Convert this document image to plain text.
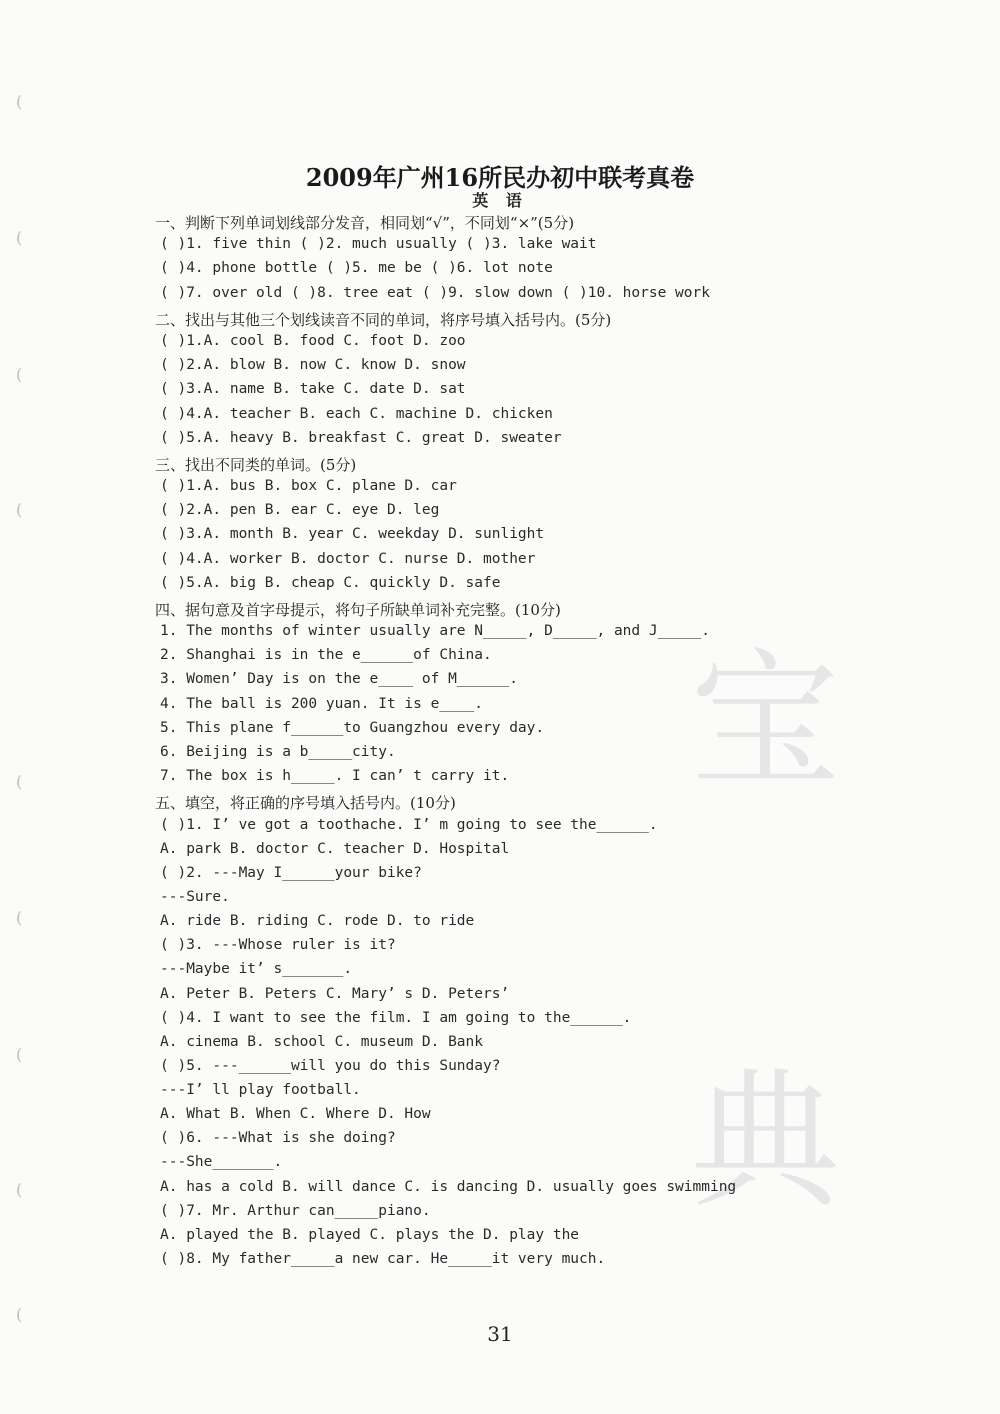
宝
典
(
(
(
(
(
(
(
(
(
2009年广州16所民办初中联考真卷
英 语
一、判断下列单词划线部分发音，相同划“√”，不同划“×”(5分)
( )1. five thin ( )2. much usually ( )3. lake wait
( )4. phone bottle ( )5. me be ( )6. lot note
( )7. over old ( )8. tree eat ( )9. slow down ( )10. horse work
二、找出与其他三个划线读音不同的单词，将序号填入括号内。(5分)
( )1.A. cool B. food C. foot D. zoo
( )2.A. blow B. now C. know D. snow
( )3.A. name B. take C. date D. sat
( )4.A. teacher B. each C. machine D. chicken
( )5.A. heavy B. breakfast C. great D. sweater
三、找出不同类的单词。(5分)
( )1.A. bus B. box C. plane D. car
( )2.A. pen B. ear C. eye D. leg
( )3.A. month B. year C. weekday D. sunlight
( )4.A. worker B. doctor C. nurse D. mother
( )5.A. big B. cheap C. quickly D. safe
四、据句意及首字母提示，将句子所缺单词补充完整。(10分)
1. The months of winter usually are N_____, D_____, and J_____.
2. Shanghai is in the e______of China.
3. Women’ Day is on the e____ of M______.
4. The ball is 200 yuan. It is e____.
5. This plane f______to Guangzhou every day.
6. Beijing is a b_____city.
7. The box is h_____. I can’ t carry it.
五、填空，将正确的序号填入括号内。(10分)
( )1. I’ ve got a toothache. I’ m going to see the______.
A. park B. doctor C. teacher D. Hospital
( )2. ---May I______your bike?
---Sure.
A. ride B. riding C. rode D. to ride
( )3. ---Whose ruler is it?
---Maybe it’ s_______.
A. Peter B. Peters C. Mary’ s D. Peters’
( )4. I want to see the film. I am going to the______.
A. cinema B. school C. museum D. Bank
( )5. ---______will you do this Sunday?
---I’ ll play football.
A. What B. When C. Where D. How
( )6. ---What is she doing?
---She_______.
A. has a cold B. will dance C. is dancing D. usually goes swimming
( )7. Mr. Arthur can_____piano.
A. played the B. played C. plays the D. play the
( )8. My father_____a new car. He_____it very much.
31
